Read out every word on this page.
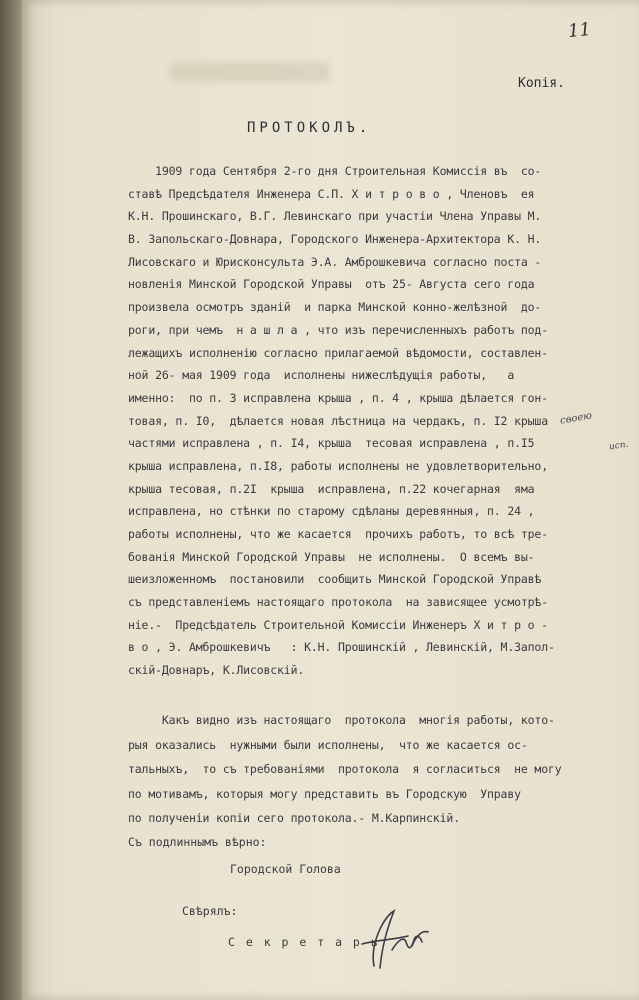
11
Копія.
ПРОТОКОЛЪ.
1909 года Сентября 2-го дня Строительная Комиссія въ  со-
ставѣ Предсѣдателя Инженера С.П. Х и т р о в о , Членовъ  ея
К.Н. Прошинскаго, В.Г. Левинскаго при участіи Члена Управы М.
В. Запольскаго-Довнара, Городского Инженера-Архитектора К. Н.
Лисовскаго и Юрисконсульта Э.А. Амброшкевича согласно поста -
новленія Минской Городской Управы  отъ 25- Августа сего года
произвела осмотръ зданій  и парка Минской конно-желѣзной  до-
роги, при чемъ  н а ш л а , что изъ перечисленныхъ работъ под-
лежащихъ исполненію согласно прилагаемой вѣдомости, составлен-
ной 26- мая 1909 года  исполнены нижеслѣдущія работы,   а
именно:  по п. 3 исправлена крыша , п. 4 , крыша дѣлается гон-
товая, п. I0,  дѣлается новая лѣстница на чердакъ, п. I2 крыша
частями исправлена , п. I4, крыша  тесовая исправлена , п.I5
крыша исправлена, п.I8, работы исполнены не удовлетворительно,
крыша тесовая, п.2I  крыша  исправлена, п.22 кочегарная  яма
исправлена, но стѣнки по старому сдѣланы деревянныя, п. 24 ,
работы исполнены, что же касается  прочихъ работъ, то всѣ тре-
бованія Минской Городской Управы  не исполнены.  О всемъ вы-
шеизложенномъ  постановили  сообщить Минской Городской Управѣ
съ представленіемъ настоящаго протокола  на зависящее усмотрѣ-
ніе.-  Предсѣдатель Строительной Комиссіи Инженеръ Х и т р о -
в о , Э. Амброшкевичъ   : К.Н. Прошинскій , Левинскій, М.Запол-
скій-Довнаръ, К.Лисовскій.
Какъ видно изъ настоящаго  протокола  многія работы, кото-
рыя оказались  нужными были исполнены,  что же касается ос-
тальныхъ,  то съ требованіями  протокола  я согласиться  не могу
по мотивамъ, которыя могу представить въ Городскую  Управу
по полученіи копіи сего протокола.- М.Карпинскій.
Съ подлиннымъ вѣрно:
Городской Голова
Свѣрялъ:
С е к р е т а р ь
своею
исп.
